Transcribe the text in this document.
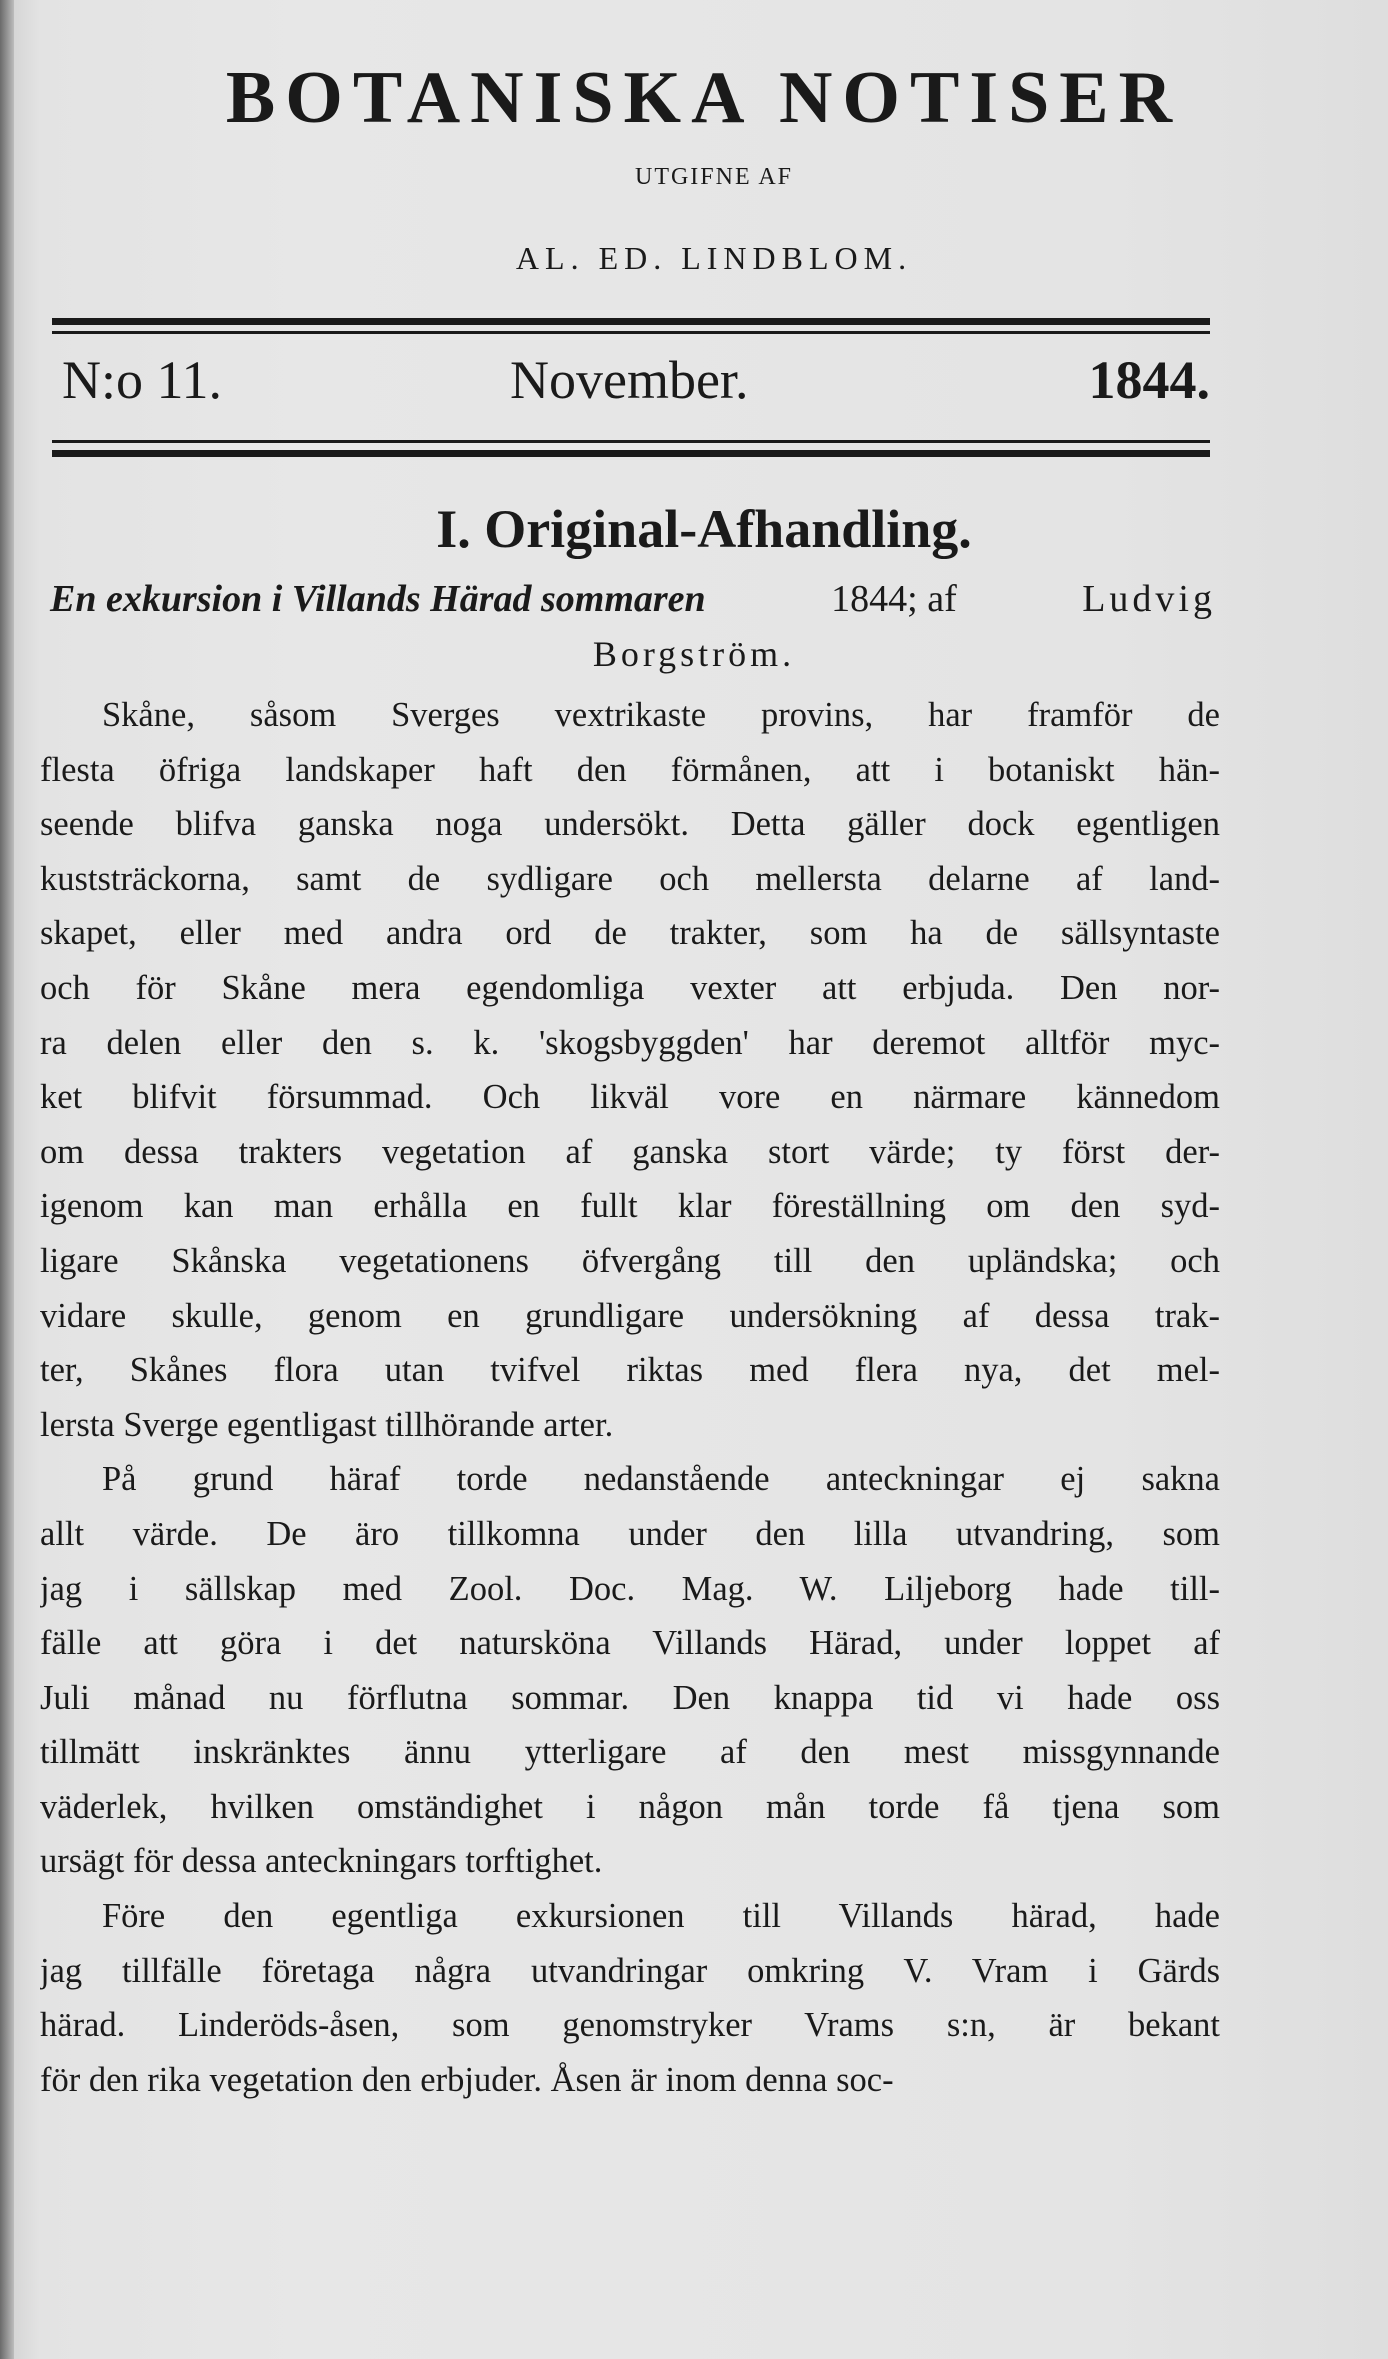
BOTANISKA NOTISER
UTGIFNE AF
AL. ED. LINDBLOM.
N:o 11.	November.	1844.
I. Original-Afhandling.
En exkursion i Villands Härad sommaren	1844; af	Ludvig
Borgström.
Skåne, såsom Sverges vextrikaste provins, har framför de
flesta öfriga landskaper haft den förmånen, att i botaniskt hän-
seende blifva ganska noga undersökt. Detta gäller dock egentligen
kuststräckorna, samt de sydligare och mellersta delarne af land-
skapet, eller med andra ord de trakter, som ha de sällsyntaste
och för Skåne mera egendomliga vexter att erbjuda. Den nor-
ra delen eller den s. k. 'skogsbyggden' har deremot alltför myc-
ket blifvit försummad. Och likväl vore en närmare kännedom
om dessa trakters vegetation af ganska stort värde; ty först der-
igenom kan man erhålla en fullt klar föreställning om den syd-
ligare Skånska vegetationens öfvergång till den upländska; och
vidare skulle, genom en grundligare undersökning af dessa trak-
ter, Skånes flora utan tvifvel riktas med flera nya, det mel-
lersta Sverge egentligast tillhörande arter.
På grund häraf torde nedanstående anteckningar ej sakna
allt värde. De äro tillkomna under den lilla utvandring, som
jag i sällskap med Zool. Doc. Mag. W. Liljeborg hade till-
fälle att göra i det natursköna Villands Härad, under loppet af
Juli månad nu förflutna sommar. Den knappa tid vi hade oss
tillmätt inskränktes ännu ytterligare af den mest missgynnande
väderlek, hvilken omständighet i någon mån torde få tjena som
ursägt för dessa anteckningars torftighet.
Före den egentliga exkursionen till Villands härad, hade
jag tillfälle företaga några utvandringar omkring V. Vram i Gärds
härad. Linderöds-åsen, som genomstryker Vrams s:n, är bekant
för den rika vegetation den erbjuder. Åsen är inom denna soc-
